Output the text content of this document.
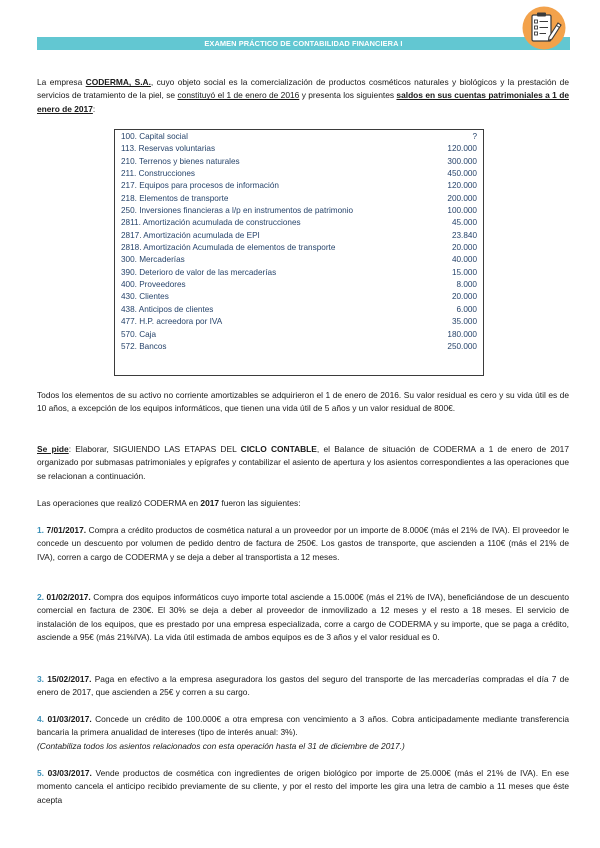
EXAMEN PRÁCTICO DE CONTABILIDAD FINANCIERA I

La empresa CODERMA, S.A., cuyo objeto social es la comercialización de productos cosméticos naturales y biológicos y la prestación de servicios de tratamiento de la piel, se constituyó el 1 de enero de 2016 y presenta los siguientes saldos en sus cuentas patrimoniales a 1 de enero de 2017:

100. Capital social	?
113. Reservas voluntarias	120.000
210. Terrenos y bienes naturales	300.000
211. Construcciones	450.000
217. Equipos para procesos de información	120.000
218. Elementos de transporte	200.000
250. Inversiones financieras a l/p en instrumentos de patrimonio	100.000
2811. Amortización acumulada de construcciones	45.000
2817. Amortización acumulada de EPI	23.840
2818. Amortización Acumulada de elementos de transporte	20.000
300. Mercaderías	40.000
390. Deterioro de valor de las mercaderías	15.000
400. Proveedores	8.000
430. Clientes	20.000
438. Anticipos de clientes	6.000
477. H.P. acreedora por IVA	35.000
570. Caja	180.000
572. Bancos	250.000

Todos los elementos de su activo no corriente amortizables se adquirieron el 1 de enero de 2016. Su valor residual es cero y su vida útil es de 10 años, a excepción de los equipos informáticos, que tienen una vida útil de 5 años y un valor residual de 800€.

Se pide: Elaborar, SIGUIENDO LAS ETAPAS DEL CICLO CONTABLE, el Balance de situación de CODERMA a 1 de enero de 2017 organizado por submasas patrimoniales y epígrafes y contabilizar el asiento de apertura y los asientos correspondientes a las operaciones que se relacionan a continuación.

Las operaciones que realizó CODERMA en 2017 fueron las siguientes:

1. 7/01/2017. Compra a crédito productos de cosmética natural a un proveedor por un importe de 8.000€ (más el 21% de IVA). El proveedor le concede un descuento por volumen de pedido dentro de factura de 250€. Los gastos de transporte, que ascienden a 110€ (más el 21% de IVA), corren a cargo de CODERMA y se deja a deber al transportista a 12 meses.

2. 01/02/2017. Compra dos equipos informáticos cuyo importe total asciende a 15.000€ (más el 21% de IVA), beneficiándose de un descuento comercial en factura de 230€. El 30% se deja a deber al proveedor de inmovilizado a 12 meses y el resto a 18 meses. El servicio de instalación de los equipos, que es prestado por una empresa especializada, corre a cargo de CODERMA y su importe, que se paga a crédito, asciende a 95€ (más 21%IVA). La vida útil estimada de ambos equipos es de 3 años y el valor residual es 0.

3. 15/02/2017. Paga en efectivo a la empresa aseguradora los gastos del seguro del transporte de las mercaderías compradas el día 7 de enero de 2017, que ascienden a 25€ y corren a su cargo.

4. 01/03/2017. Concede un crédito de 100.000€ a otra empresa con vencimiento a 3 años. Cobra anticipadamente mediante transferencia bancaria la primera anualidad de intereses (tipo de interés anual: 3%).
(Contabiliza todos los asientos relacionados con esta operación hasta el 31 de diciembre de 2017.)

5. 03/03/2017. Vende productos de cosmética con ingredientes de origen biológico por importe de 25.000€ (más el 21% de IVA). En ese momento cancela el anticipo recibido previamente de su cliente, y por el resto del importe les gira una letra de cambio a 11 meses que éste acepta
